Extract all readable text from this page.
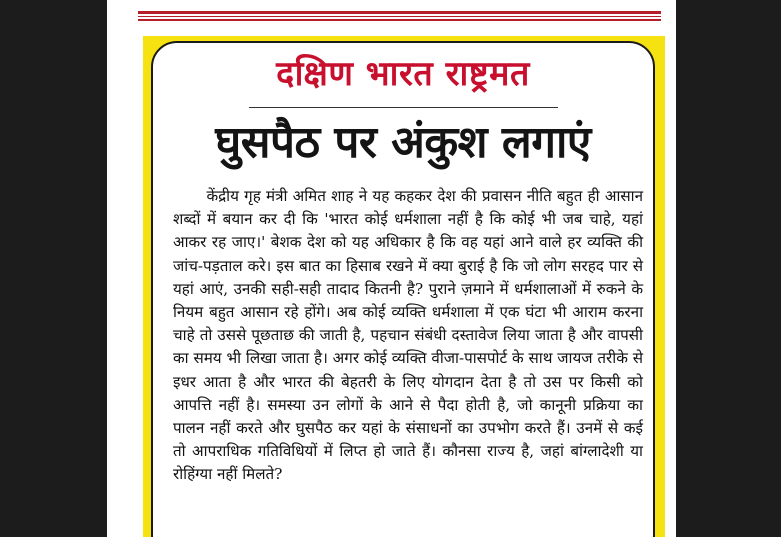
दक्षिण भारत राष्ट्रमत
घुसपैठ पर अंकुश लगाएं

केंद्रीय गृह मंत्री अमित शाह ने यह कहकर देश की प्रवासन नीति बहुत ही आसान शब्दों में बयान कर दी कि 'भारत कोई धर्मशाला नहीं है कि कोई भी जब चाहे, यहां आकर रह जाए।' बेशक देश को यह अधिकार है कि वह यहां आने वाले हर व्यक्ति की जांच-पड़ताल करे। इस बात का हिसाब रखने में क्या बुराई है कि जो लोग सरहद पार से यहां आएं, उनकी सही-सही तादाद कितनी है? पुराने ज़माने में धर्मशालाओं में रुकने के नियम बहुत आसान रहे होंगे। अब कोई व्यक्ति धर्मशाला में एक घंटा भी आराम करना चाहे तो उससे पूछताछ की जाती है, पहचान संबंधी दस्तावेज लिया जाता है और वापसी का समय भी लिखा जाता है। अगर कोई व्यक्ति वीजा-पासपोर्ट के साथ जायज तरीके से इधर आता है और भारत की बेहतरी के लिए योगदान देता है तो उस पर किसी को आपत्ति नहीं है। समस्या उन लोगों के आने से पैदा होती है, जो कानूनी प्रक्रिया का पालन नहीं करते और घुसपैठ कर यहां के संसाधनों का उपभोग करते हैं। उनमें से कई तो आपराधिक गतिविधियों में लिप्त हो जाते हैं। कौनसा राज्य है, जहां बांग्लादेशी या रोहिंग्या नहीं मिलते?
